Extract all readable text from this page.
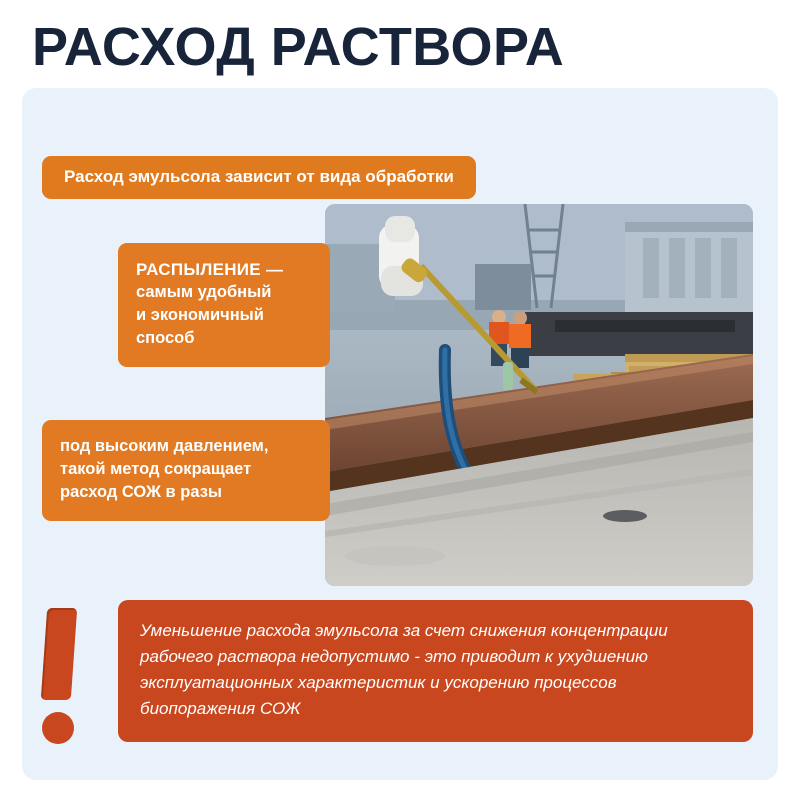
РАСХОД РАСТВОРА
Расход эмульсола зависит от вида обработки
РАСПЫЛЕНИЕ —
самым удобный
и экономичный
способ
под высоким давлением,
такой метод сокращает
расход СОЖ в разы
Уменьшение расхода эмульсола за счет снижения концентрации рабочего раствора недопустимо - это приводит к ухудшению эксплуатационных характеристик и ускорению процессов биопоражения СОЖ
